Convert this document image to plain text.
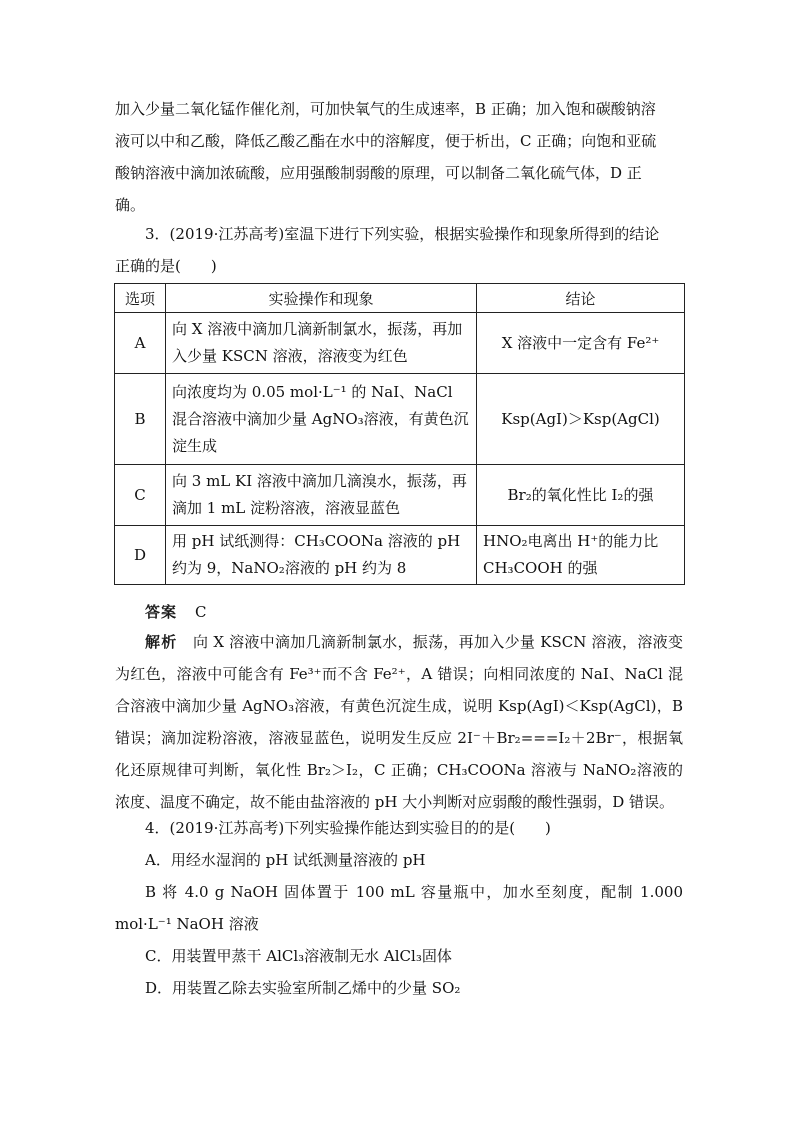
加入少量二氧化锰作催化剂，可加快氧气的生成速率，B 正确；加入饱和碳酸钠溶

液可以中和乙酸，降低乙酸乙酯在水中的溶解度，便于析出，C 正确；向饱和亚硫

酸钠溶液中滴加浓硫酸，应用强酸制弱酸的原理，可以制备二氧化硫气体，D 正

确。

3．(2019·江苏高考)室温下进行下列实验，根据实验操作和现象所得到的结论

正确的是(　　)

选项	实验操作和现象	结论
A	向 X 溶液中滴加几滴新制氯水，振荡，再加入少量 KSCN 溶液，溶液变为红色	X 溶液中一定含有 Fe²⁺
B	向浓度均为 0.05 mol·L⁻¹ 的 NaI、NaCl 混合溶液中滴加少量 AgNO₃溶液，有黄色沉淀生成	Ksp(AgI)＞Ksp(AgCl)
C	向 3 mL KI 溶液中滴加几滴溴水，振荡，再滴加 1 mL 淀粉溶液，溶液显蓝色	Br₂的氧化性比 I₂的强
D	用 pH 试纸测得：CH₃COONa 溶液的 pH 约为 9，NaNO₂溶液的 pH 约为 8	HNO₂电离出 H⁺的能力比 CH₃COOH 的强
答案 C

解析　 向 X 溶液中滴加几滴新制氯水，振荡，再加入少量 KSCN 溶液，溶液变为红色，溶液中可能含有 Fe³⁺而不含 Fe²⁺，A 错误；向相同浓度的 NaI、NaCl 混合溶液中滴加少量 AgNO₃溶液，有黄色沉淀生成，说明 Ksp(AgI)＜Ksp(AgCl)，B 错误；滴加淀粉溶液，溶液显蓝色，说明发生反应 2I⁻＋Br₂===I₂＋2Br⁻，根据氧化还原规律可判断，氧化性 Br₂＞I₂，C 正确；CH₃COONa 溶液与 NaNO₂溶液的浓度、温度不确定，故不能由盐溶液的 pH 大小判断对应弱酸的酸性强弱，D 错误。

4．(2019·江苏高考)下列实验操作能达到实验目的的是(　　)

A．用经水湿润的 pH 试纸测量溶液的 pH

B 将 4.0 g NaOH 固体置于 100 mL 容量瓶中，加水至刻度，配制 1.000 mol·L⁻¹ NaOH 溶液

C．用装置甲蒸干 AlCl₃溶液制无水 AlCl₃固体

D．用装置乙除去实验室所制乙烯中的少量 SO₂
